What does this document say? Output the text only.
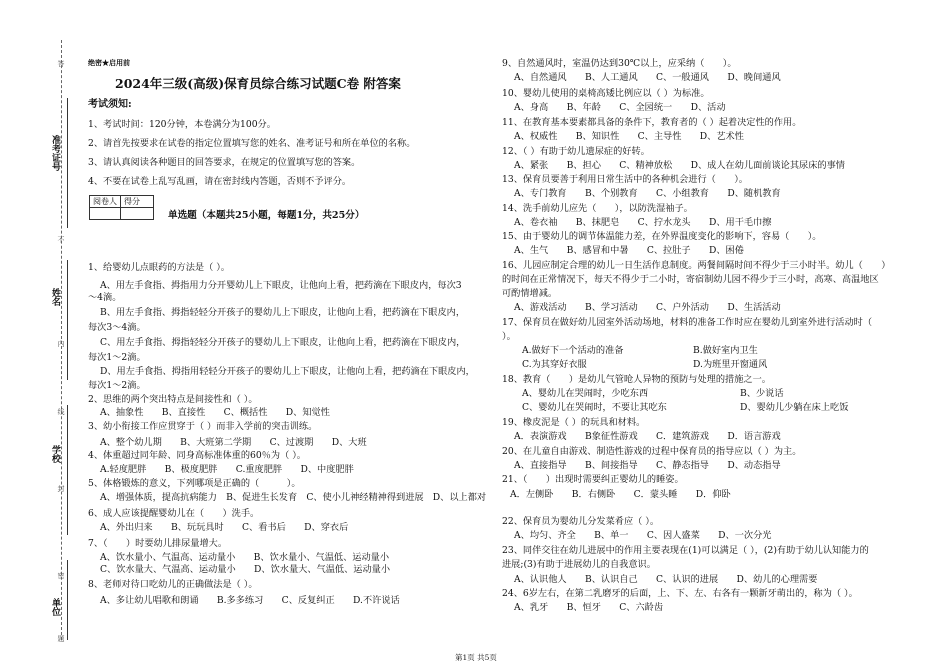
准考证号
姓名
学校
单位
答
不
内
线
封
密
题
绝密★启用前
2024年三级(高级)保育员综合练习试题C卷 附答案
考试须知:
1、考试时间：120分钟，本卷满分为100分。
2、请首先按要求在试卷的指定位置填写您的姓名、准考证号和所在单位的名称。
3、请认真阅读各种题目的回答要求，在规定的位置填写您的答案。
4、不要在试卷上乱写乱画，请在密封线内答题，否则不予评分。
阅卷人	得分

单选题（本题共25小题，每题1分，共25分）
1、给婴幼儿点眼药的方法是（ ）。
A、用左手食指、拇指用力分开婴幼儿上下眼皮，让他向上看，把药滴在下眼皮内，每次3
～4滴。
B、用左手食指、拇指轻轻分开孩子的婴幼儿上下眼皮，让他向上看，把药滴在下眼皮内，
每次3～4滴。
C、用左手食指、拇指轻轻分开孩子的婴幼儿上下眼皮，让他向上看，把药滴在下眼皮内，
每次1～2滴。
D、用左手食指、拇指用轻轻分开孩子的婴幼儿上下眼皮，让他向上看，把药滴在下眼皮内，
每次1～2滴。
2、思维的两个突出特点是间接性和（ ）。
A、抽象性　　B、直接性　　C、概括性　　D、知觉性
3、幼小衔接工作应贯穿于（ ）而非入学前的突击训练。
A、整个幼儿期　　B、大班第二学期　　C、过渡期　　D、大班
4、体重超过同年龄、同身高标准体重的60％为（ ）。
A.轻度肥胖　　B、极度肥胖　　C.重度肥胖　　D、中度肥胖
5、体格锻炼的意义，下列哪项是正确的（　　　）。
A、增强体质，提高抗病能力　B、促进生长发育　C、使小儿神经精神得到进展　D、以上都对
6、成人应该提醒婴幼儿在（　　）洗手。
A、外出归来　　B、玩玩具时　　C、看书后　　D、穿衣后
7、（　　）时要幼儿排尿量增大。
A、饮水量小、气温高、运动量小　　B、饮水量小、气温低、运动量小
C、饮水量大、气温高、运动量小　　D、饮水量大、气温低、运动量小
8、老师对待口吃幼儿的正确做法是（ ）。
A、多让幼儿唱歌和朗诵　　B.多多练习　　C、反复纠正　　D.不许说话
9、自然通风时，室温仍达到30℃以上，应采纳（　　）。
A、自然通风　　B、人工通风　　C、一般通风　　D、晚间通风
10、婴幼儿使用的桌椅高矮比例应以（ ）为标准。
A、身高　　B、年龄　　C、全园统一　　D、活动
11、在教育基本要素都具备的条件下，教育者的（ ）起着决定性的作用。
A、权威性　　B、知识性　　C、主导性　　D、艺术性
12、（ ）有助于幼儿遗尿症的好转。
A、紧张　　B、担心　　C、精神放松　　D、成人在幼儿面前谈论其尿床的事情
13、保育员要善于利用日常生活中的各种机会进行（　　）。
A、专门教育　　B、个别教育　　C、小组教育　　D、随机教育
14、洗手前幼儿应先（　　），以防洗湿袖子。
A、卷衣袖　　B、抹肥皂　　C、拧水龙头　　D、用干毛巾擦
15、由于婴幼儿的调节体温能力差，在外界温度变化的影响下，容易（　　）。
A、生气　　B、感冒和中暑　　C、拉肚子　　D、困倦
16、儿园应制定合理的幼儿一日生活作息制度。两餐间隔时间不得少于三小时半。幼儿（　　）
的时间在正常情况下，每天不得少于二小时，寄宿制幼儿园不得少于三小时，高寒、高温地区
可酌情增减。
A、游戏活动　　B、学习活动　　C、户外活动　　D、生活活动
17、保育员在做好幼儿园室外活动场地，材料的准备工作时应在婴幼儿到室外进行活动时（
）。
A.做好下一个活动的准备	B.做好室内卫生
C.为其穿好衣服	D.为班里开窗通风
18、教育（　　）是幼儿气管呛人异物的预防与处理的措施之一。
A、婴幼儿在哭闹时，少吃东西	B、少说话
C、婴幼儿在哭闹时，不要让其吃东	D、婴幼儿少躺在床上吃饭
19、橡皮泥是（ ）的玩具和材料。
A．表演游戏　　B象征性游戏　　C．建筑游戏　　D．语言游戏
20、在儿童自由游戏、制造性游戏的过程中保育员的指导应以（ ）为主。
A、直接指导　　B、间接指导　　C、静态指导　　D、动态指导
21、（　　）出现时需要纠正婴幼儿的睡姿。
A．左侧卧　　B．右侧卧　　C．蒙头睡　　D．仰卧
22、保育员为婴幼儿分发菜肴应（ ）。
A、均匀、齐全　　B、单一　　C、因人盛菜　　D、一次分光
23、同伴交往在幼儿进展中的作用主要表现在(1)可以满足（ ），(2)有助于幼儿认知能力的
进展;(3)有助于进展幼儿的自我意识。
A、认识他人　　B、认识自己　　C、认识的进展　　D、幼儿的心理需要
24、6岁左右，在第二乳磨牙的后面，上、下、左、右各有一颗新牙萌出的，称为（ ）。
A、乳牙　　B、恒牙　　C、六龄齿
第1页 共5页
